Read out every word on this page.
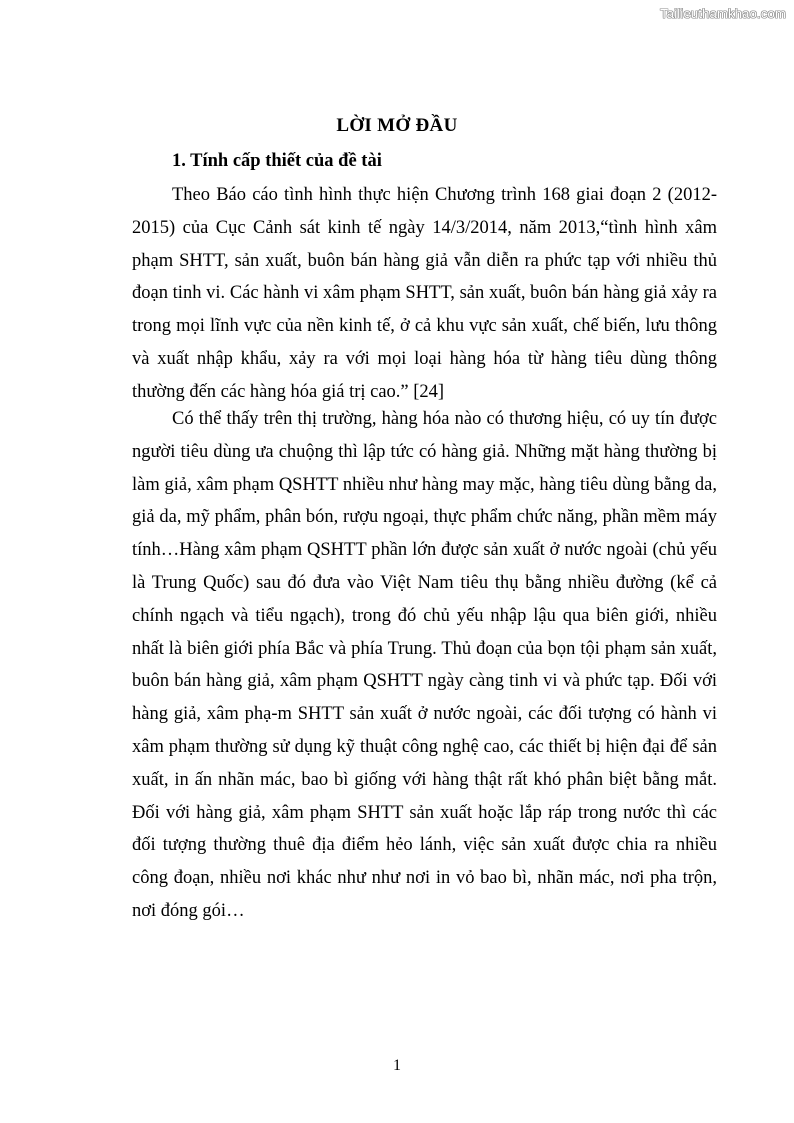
Tailieuthamkhao.com
LỜI MỞ ĐẦU
1. Tính cấp thiết của đề tài

Theo Báo cáo tình hình thực hiện Chương trình 168 giai đoạn 2 (2012-2015) của Cục Cảnh sát kinh tế ngày 14/3/2014, năm 2013,“tình hình xâm phạm SHTT, sản xuất, buôn bán hàng giả vẫn diễn ra phức tạp với nhiều thủ đoạn tinh vi. Các hành vi xâm phạm SHTT, sản xuất, buôn bán hàng giả xảy ra trong mọi lĩnh vực của nền kinh tế, ở cả khu vực sản xuất, chế biến, lưu thông và xuất nhập khẩu, xảy ra với mọi loại hàng hóa từ hàng tiêu dùng thông thường đến các hàng hóa giá trị cao.” [24]

Có thể thấy trên thị trường, hàng hóa nào có thương hiệu, có uy tín được người tiêu dùng ưa chuộng thì lập tức có hàng giả. Những mặt hàng thường bị làm giả, xâm phạm QSHTT nhiều như hàng may mặc, hàng tiêu dùng bằng da, giả da, mỹ phẩm, phân bón, rượu ngoại, thực phẩm chức năng, phần mềm máy tính…Hàng xâm phạm QSHTT phần lớn được sản xuất ở nước ngoài (chủ yếu là Trung Quốc) sau đó đưa vào Việt Nam tiêu thụ bằng nhiều đường (kể cả chính ngạch và tiểu ngạch), trong đó chủ yếu nhập lậu qua biên giới, nhiều nhất là biên giới phía Bắc và phía Trung. Thủ đoạn của bọn tội phạm sản xuất, buôn bán hàng giả, xâm phạm QSHTT ngày càng tinh vi và phức tạp. Đối với hàng giả, xâm phạ-m SHTT sản xuất ở nước ngoài, các đối tượng có hành vi xâm phạm thường sử dụng kỹ thuật công nghệ cao, các thiết bị hiện đại để sản xuất, in ấn nhãn mác, bao bì giống với hàng thật rất khó phân biệt bằng mắt. Đối với hàng giả, xâm phạm SHTT sản xuất hoặc lắp ráp trong nước thì các đối tượng thường thuê địa điểm hẻo lánh, việc sản xuất được chia ra nhiều công đoạn, nhiều nơi khác như như nơi in vỏ bao bì, nhãn mác, nơi pha trộn, nơi đóng gói…

1
